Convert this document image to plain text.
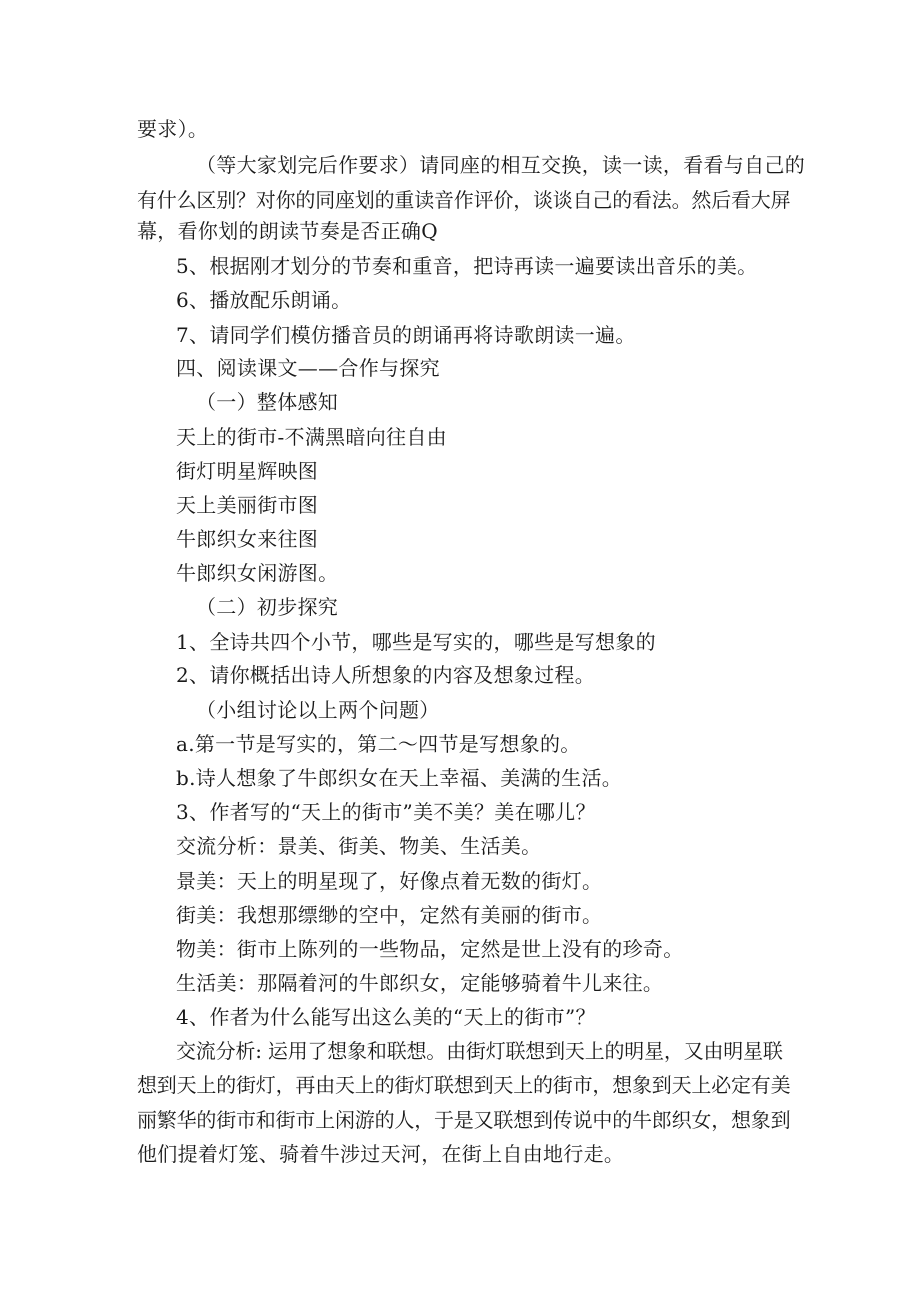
要求）。
（等大家划完后作要求）请同座的相互交换，读一读，看看与自己的
有什么区别？对你的同座划的重读音作评价，谈谈自己的看法。然后看大屏
幕，看你划的朗读节奏是否正确Q
5、根据刚才划分的节奏和重音，把诗再读一遍要读出音乐的美。
6、播放配乐朗诵。
7、请同学们模仿播音员的朗诵再将诗歌朗读一遍。
四、阅读课文——合作与探究
（一）整体感知
天上的街市-不满黑暗向往自由
街灯明星辉映图
天上美丽街市图
牛郎织女来往图
牛郎织女闲游图。
（二）初步探究
1、全诗共四个小节，哪些是写实的，哪些是写想象的
2、请你概括出诗人所想象的内容及想象过程。
（小组讨论以上两个问题）
a.第一节是写实的，第二～四节是写想象的。
b.诗人想象了牛郎织女在天上幸福、美满的生活。
3、作者写的“天上的街市”美不美？美在哪儿？
交流分析：景美、街美、物美、生活美。
景美：天上的明星现了，好像点着无数的街灯。
街美：我想那缥缈的空中，定然有美丽的街市。
物美：街市上陈列的一些物品，定然是世上没有的珍奇。
生活美：那隔着河的牛郎织女，定能够骑着牛儿来往。
4、作者为什么能写出这么美的“天上的街市”？
交流分析: 运用了想象和联想。由街灯联想到天上的明星，又由明星联
想到天上的街灯，再由天上的街灯联想到天上的街市，想象到天上必定有美
丽繁华的街市和街市上闲游的人，于是又联想到传说中的牛郎织女，想象到
他们提着灯笼、骑着牛涉过天河，在街上自由地行走。
